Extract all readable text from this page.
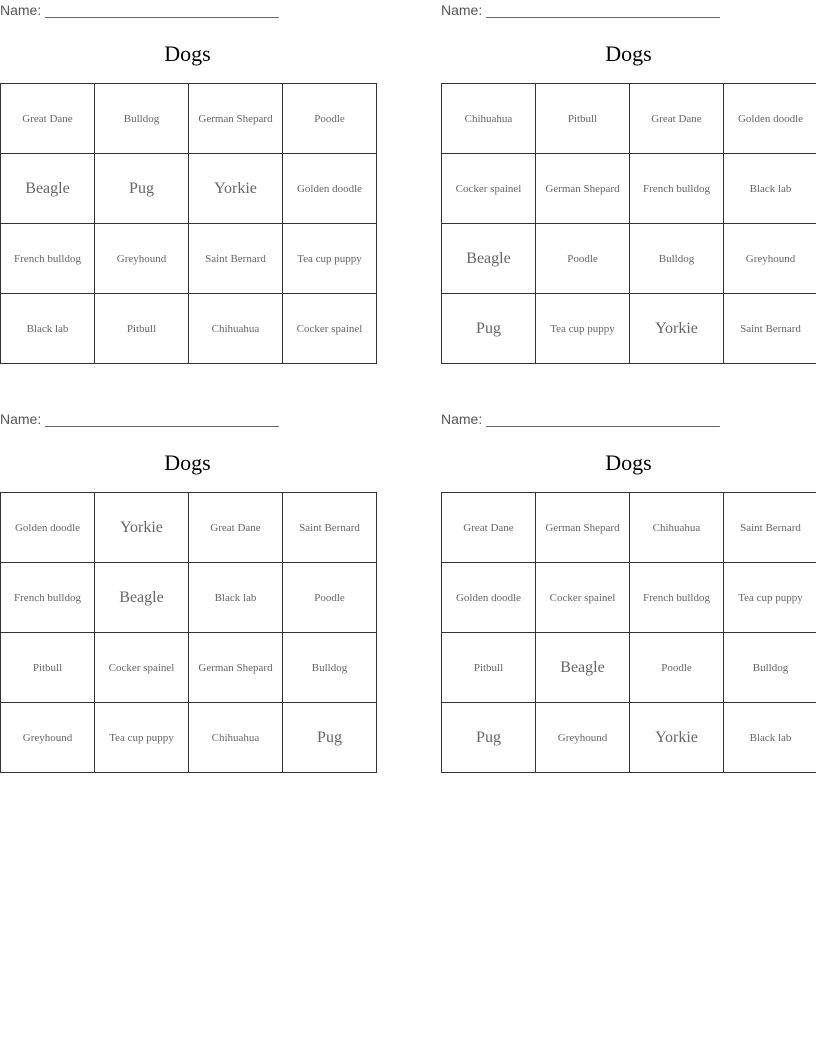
Name: ______________________________
Dogs
Great Dane	Bulldog	German Shepard	Poodle
Beagle	Pug	Yorkie	Golden doodle
French bulldog	Greyhound	Saint Bernard	Tea cup puppy
Black lab	Pitbull	Chihuahua	Cocker spainel
Name: ______________________________
Dogs
Chihuahua	Pitbull	Great Dane	Golden doodle
Cocker spainel	German Shepard	French bulldog	Black lab
Beagle	Poodle	Bulldog	Greyhound
Pug	Tea cup puppy	Yorkie	Saint Bernard
Name: ______________________________
Dogs
Golden doodle	Yorkie	Great Dane	Saint Bernard
French bulldog	Beagle	Black lab	Poodle
Pitbull	Cocker spainel	German Shepard	Bulldog
Greyhound	Tea cup puppy	Chihuahua	Pug
Name: ______________________________
Dogs
Great Dane	German Shepard	Chihuahua	Saint Bernard
Golden doodle	Cocker spainel	French bulldog	Tea cup puppy
Pitbull	Beagle	Poodle	Bulldog
Pug	Greyhound	Yorkie	Black lab
